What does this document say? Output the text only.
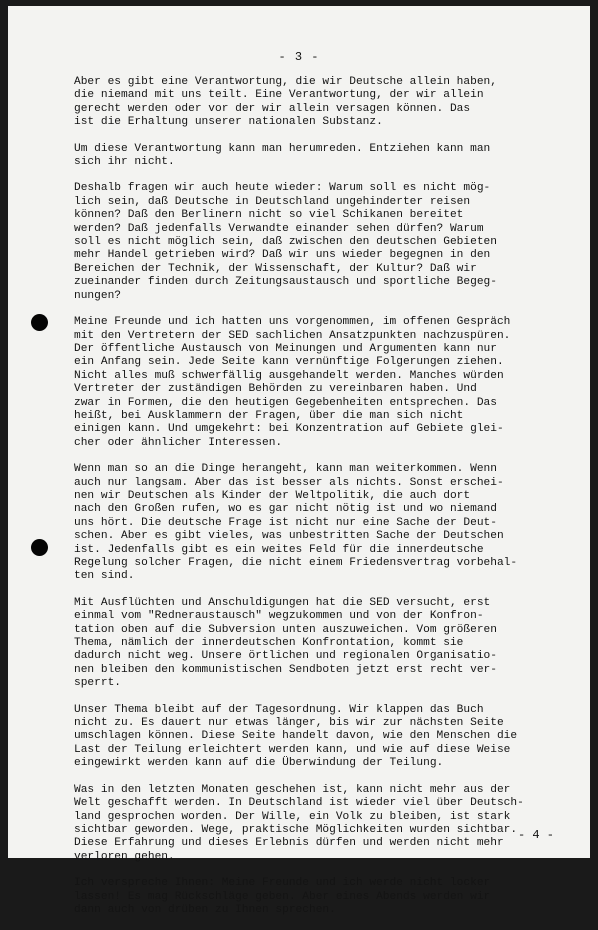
- 3 -
Aber es gibt eine Verantwortung, die wir Deutsche allein haben,
die niemand mit uns teilt. Eine Verantwortung, der wir allein
gerecht werden oder vor der wir allein versagen können. Das
ist die Erhaltung unserer nationalen Substanz.
Um diese Verantwortung kann man herumreden. Entziehen kann man
sich ihr nicht.
Deshalb fragen wir auch heute wieder: Warum soll es nicht mög-
lich sein, daß Deutsche in Deutschland ungehinderter reisen
können? Daß den Berlinern nicht so viel Schikanen bereitet
werden? Daß jedenfalls Verwandte einander sehen dürfen? Warum
soll es nicht möglich sein, daß zwischen den deutschen Gebieten
mehr Handel getrieben wird? Daß wir uns wieder begegnen in den
Bereichen der Technik, der Wissenschaft, der Kultur? Daß wir
zueinander finden durch Zeitungsaustausch und sportliche Begeg-
nungen?
Meine Freunde und ich hatten uns vorgenommen, im offenen Gespräch
mit den Vertretern der SED sachlichen Ansatzpunkten nachzuspüren.
Der öffentliche Austausch von Meinungen und Argumenten kann nur
ein Anfang sein. Jede Seite kann vernünftige Folgerungen ziehen.
Nicht alles muß schwerfällig ausgehandelt werden. Manches würden
Vertreter der zuständigen Behörden zu vereinbaren haben. Und
zwar in Formen, die den heutigen Gegebenheiten entsprechen. Das
heißt, bei Ausklammern der Fragen, über die man sich nicht
einigen kann. Und umgekehrt: bei Konzentration auf Gebiete glei-
cher oder ähnlicher Interessen.
Wenn man so an die Dinge herangeht, kann man weiterkommen. Wenn
auch nur langsam. Aber das ist besser als nichts. Sonst erschei-
nen wir Deutschen als Kinder der Weltpolitik, die auch dort
nach den Großen rufen, wo es gar nicht nötig ist und wo niemand
uns hört. Die deutsche Frage ist nicht nur eine Sache der Deut-
schen. Aber es gibt vieles, was unbestritten Sache der Deutschen
ist. Jedenfalls gibt es ein weites Feld für die innerdeutsche
Regelung solcher Fragen, die nicht einem Friedensvertrag vorbehal-
ten sind.
Mit Ausflüchten und Anschuldigungen hat die SED versucht, erst
einmal vom "Redneraustausch" wegzukommen und von der Konfron-
tation oben auf die Subversion unten auszuweichen. Vom größeren
Thema, nämlich der innerdeutschen Konfrontation, kommt sie
dadurch nicht weg. Unsere örtlichen und regionalen Organisatio-
nen bleiben den kommunistischen Sendboten jetzt erst recht ver-
sperrt.
Unser Thema bleibt auf der Tagesordnung. Wir klappen das Buch
nicht zu. Es dauert nur etwas länger, bis wir zur nächsten Seite
umschlagen können. Diese Seite handelt davon, wie den Menschen die
Last der Teilung erleichtert werden kann, und wie auf diese Weise
eingewirkt werden kann auf die Überwindung der Teilung.
Was in den letzten Monaten geschehen ist, kann nicht mehr aus der
Welt geschafft werden. In Deutschland ist wieder viel über Deutsch-
land gesprochen worden. Der Wille, ein Volk zu bleiben, ist stark
sichtbar geworden. Wege, praktische Möglichkeiten wurden sichtbar.
Diese Erfahrung und dieses Erlebnis dürfen und werden nicht mehr
verloren gehen.
Ich verspreche Ihnen: Meine Freunde und ich werde nicht locker
lassen! Es mag Rückschläge geben. Aber eines Abends werden wir
dann auch von drüben zu Ihnen sprechen.
- 4 -
